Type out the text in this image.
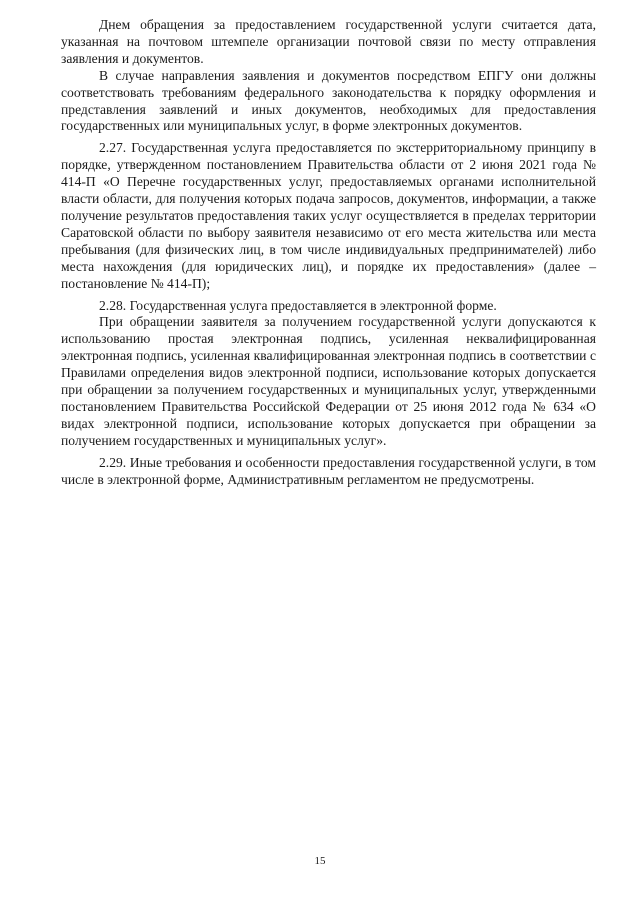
Днем обращения за предоставлением государственной услуги считается дата, указанная на почтовом штемпеле организации почтовой связи по месту отправления заявления и документов.

В случае направления заявления и документов посредством ЕПГУ они должны соответствовать требованиям федерального законодательства к порядку оформления и представления заявлений и иных документов, необходимых для предоставления государственных или муниципальных услуг, в форме электронных документов.

2.27. Государственная услуга предоставляется по экстерриториальному принципу в порядке, утвержденном постановлением Правительства области от 2 июня 2021 года № 414-П «О Перечне государственных услуг, предоставляемых органами исполнительной власти области, для получения которых подача запросов, документов, информации, а также получение результатов предоставления таких услуг осуществляется в пределах территории Саратовской области по выбору заявителя независимо от его места жительства или места пребывания (для физических лиц, в том числе индивидуальных предпринимателей) либо места нахождения (для юридических лиц), и порядке их предоставления» (далее – постановление № 414-П);

2.28. Государственная услуга предоставляется в электронной форме.

При обращении заявителя за получением государственной услуги допускаются к использованию простая электронная подпись, усиленная неквалифицированная электронная подпись, усиленная квалифицированная электронная подпись в соответствии с Правилами определения видов электронной подписи, использование которых допускается при обращении за получением государственных и муниципальных услуг, утвержденными постановлением Правительства Российской Федерации от 25 июня 2012 года № 634 «О видах электронной подписи, использование которых допускается при обращении за получением государственных и муниципальных услуг».

2.29. Иные требования и особенности предоставления государственной услуги, в том числе в электронной форме, Административным регламентом не предусмотрены.

15
